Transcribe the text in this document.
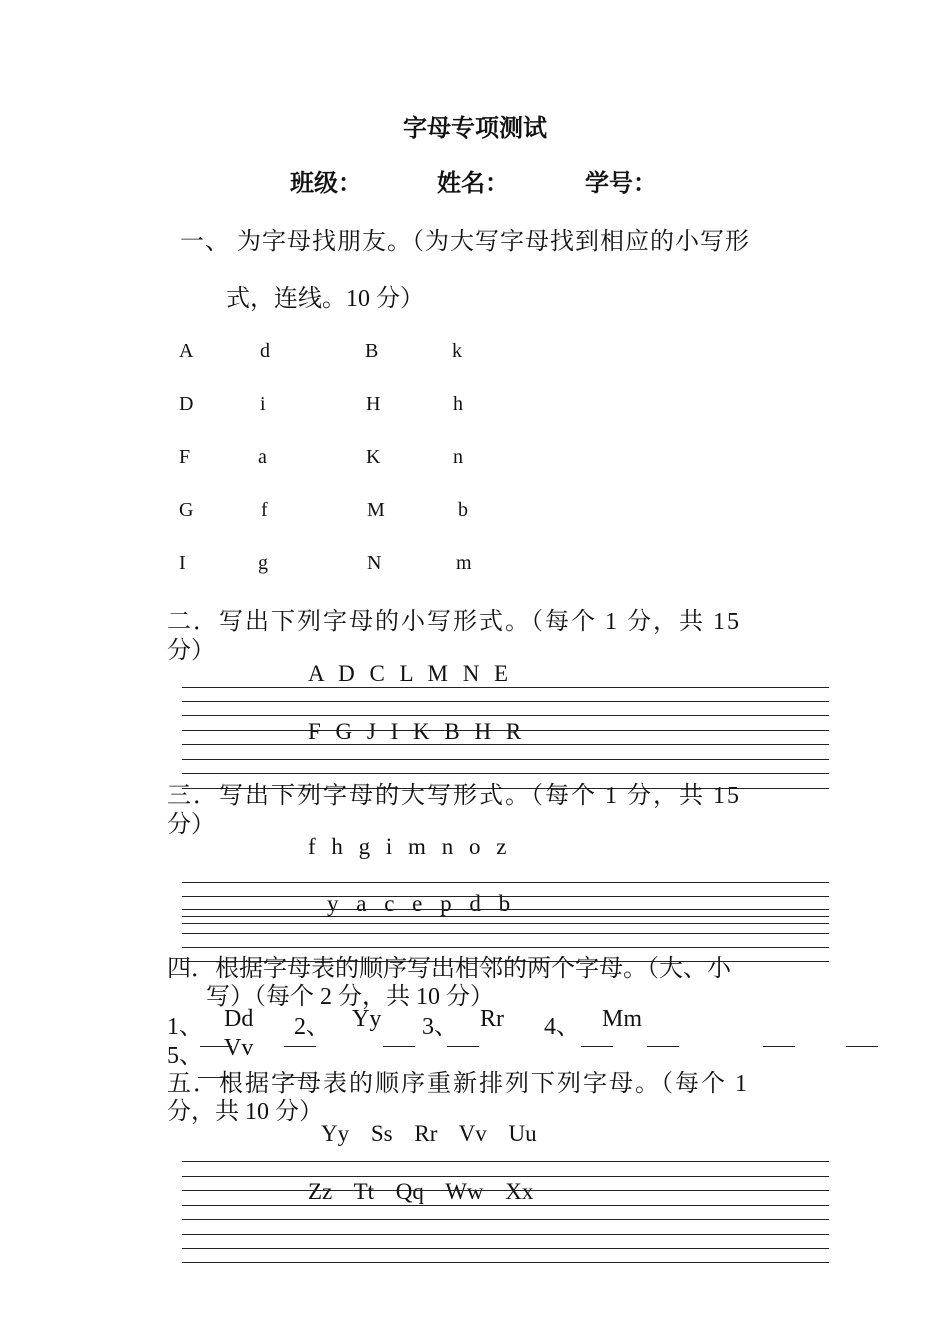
字母专项测试
班级：	姓名：	学号：
一、 为字母找朋友。（为大写字母找到相应的小写形
式，连线。10 分）
A
D
F
G
I
d
i
a
f
g
B
H
K
M
N
k
h
n
b
m
二．写出下列字母的小写形式。（每个 1 分，共 15
分）
A D C L M N E
F G J I K B H R
三．写出下列字母的大写形式。（每个 1 分，共 15
分）
f h g i m n o z
y a c e p d b
四．根据字母表的顺序写出相邻的两个字母。（大、小
写）（每个 2 分，共 10 分）
1、 Dd 2、 Yy 3、 Rr 4、 Mm
5、 Vv
五．根据字母表的顺序重新排列下列字母。（每个 1
分，共 10 分）
Yy Ss Rr Vv Uu
Zz Tt Qq Ww Xx
